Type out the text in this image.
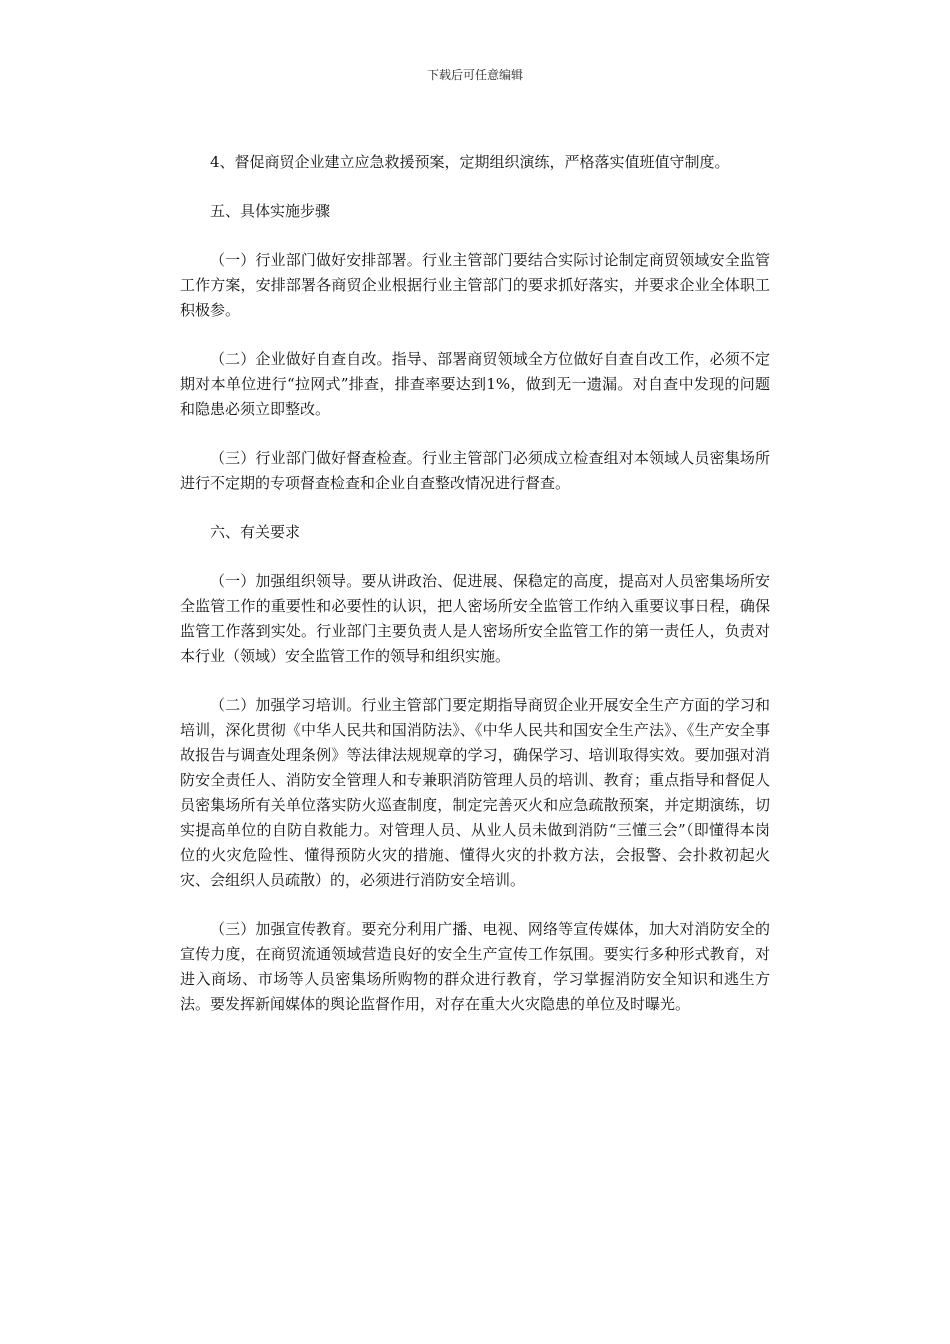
下载后可任意编辑

4、督促商贸企业建立应急救援预案，定期组织演练，严格落实值班值守制度。

五、具体实施步骤

（一）行业部门做好安排部署。行业主管部门要结合实际讨论制定商贸领域安全监管工作方案，安排部署各商贸企业根据行业主管部门的要求抓好落实，并要求企业全体职工积极参。

（二）企业做好自查自改。指导、部署商贸领域全方位做好自查自改工作，必须不定期对本单位进行“拉网式”排查，排查率要达到1%，做到无一遗漏。对自查中发现的问题和隐患必须立即整改。

（三）行业部门做好督查检查。行业主管部门必须成立检查组对本领域人员密集场所进行不定期的专项督查检查和企业自查整改情况进行督查。

六、有关要求

（一）加强组织领导。要从讲政治、促进展、保稳定的高度，提高对人员密集场所安全监管工作的重要性和必要性的认识，把人密场所安全监管工作纳入重要议事日程，确保监管工作落到实处。行业部门主要负责人是人密场所安全监管工作的第一责任人，负责对本行业（领域）安全监管工作的领导和组织实施。

（二）加强学习培训。行业主管部门要定期指导商贸企业开展安全生产方面的学习和培训，深化贯彻《中华人民共和国消防法》、《中华人民共和国安全生产法》、《生产安全事故报告与调查处理条例》等法律法规规章的学习，确保学习、培训取得实效。要加强对消防安全责任人、消防安全管理人和专兼职消防管理人员的培训、教育；重点指导和督促人员密集场所有关单位落实防火巡查制度，制定完善灭火和应急疏散预案，并定期演练，切实提高单位的自防自救能力。对管理人员、从业人员未做到消防“三懂三会”（即懂得本岗位的火灾危险性、懂得预防火灾的措施、懂得火灾的扑救方法，会报警、会扑救初起火灾、会组织人员疏散）的，必须进行消防安全培训。

（三）加强宣传教育。要充分利用广播、电视、网络等宣传媒体，加大对消防安全的宣传力度，在商贸流通领域营造良好的安全生产宣传工作氛围。要实行多种形式教育，对进入商场、市场等人员密集场所购物的群众进行教育，学习掌握消防安全知识和逃生方法。要发挥新闻媒体的舆论监督作用，对存在重大火灾隐患的单位及时曝光。
